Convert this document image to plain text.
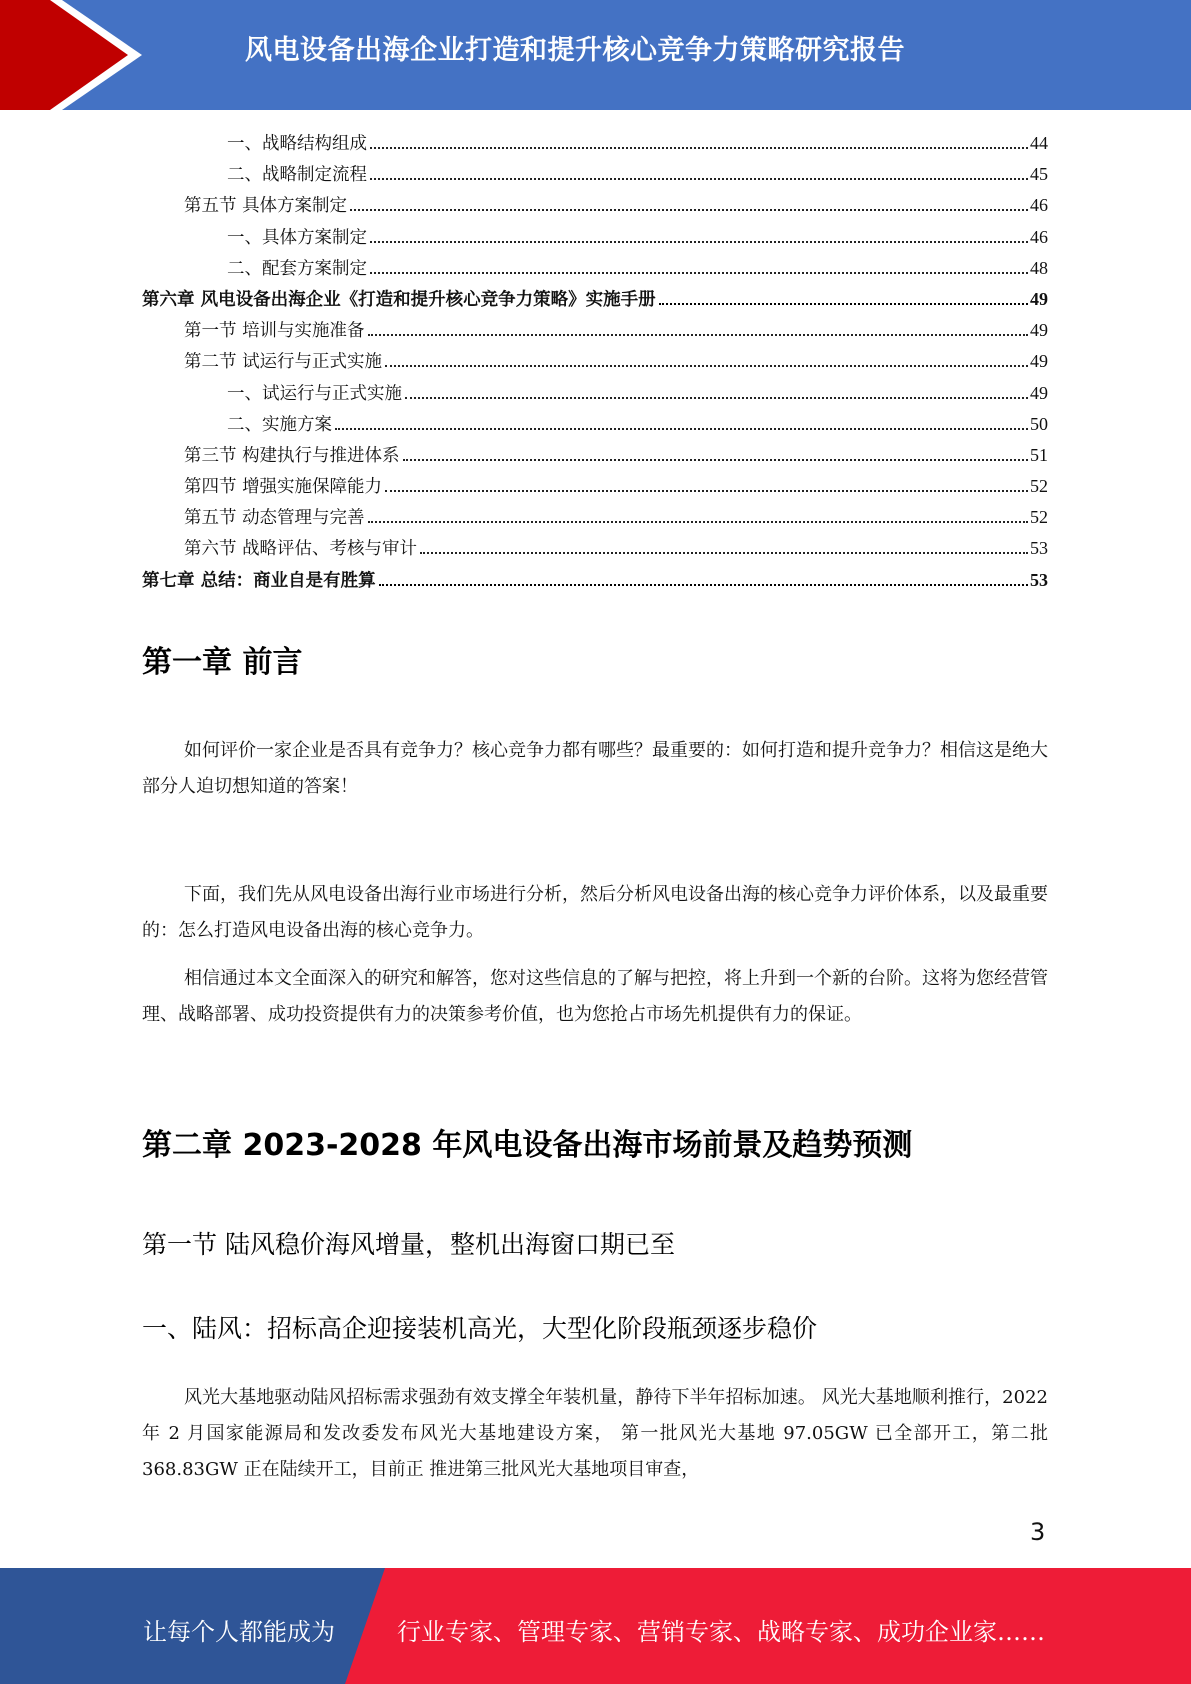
风电设备出海企业打造和提升核心竞争力策略研究报告
一、战略结构组成	44
二、战略制定流程	45
第五节 具体方案制定	46
一、具体方案制定	46
二、配套方案制定	48
第六章 风电设备出海企业《打造和提升核心竞争力策略》实施手册	49
第一节 培训与实施准备	49
第二节 试运行与正式实施	49
一、试运行与正式实施	49
二、实施方案	50
第三节 构建执行与推进体系	51
第四节 增强实施保障能力	52
第五节 动态管理与完善	52
第六节 战略评估、考核与审计	53
第七章 总结：商业自是有胜算	53
第一章 前言
如何评价一家企业是否具有竞争力？核心竞争力都有哪些？最重要的：如何打造和提升竞争力？相信这是绝大部分人迫切想知道的答案！
下面，我们先从风电设备出海行业市场进行分析，然后分析风电设备出海的核心竞争力评价体系，以及最重要的：怎么打造风电设备出海的核心竞争力。
相信通过本文全面深入的研究和解答，您对这些信息的了解与把控，将上升到一个新的台阶。这将为您经营管理、战略部署、成功投资提供有力的决策参考价值，也为您抢占市场先机提供有力的保证。
第二章 2023-2028 年风电设备出海市场前景及趋势预测
第一节 陆风稳价海风增量，整机出海窗口期已至
一、陆风：招标高企迎接装机高光，大型化阶段瓶颈逐步稳价
风光大基地驱动陆风招标需求强劲有效支撑全年装机量，静待下半年招标加速。 风光大基地顺利推行，2022 年 2 月国家能源局和发改委发布风光大基地建设方案， 第一批风光大基地 97.05GW 已全部开工，第二批 368.83GW 正在陆续开工，目前正 推进第三批风光大基地项目审查，
3
让每个人都能成为	行业专家、管理专家、营销专家、战略专家、成功企业家……
